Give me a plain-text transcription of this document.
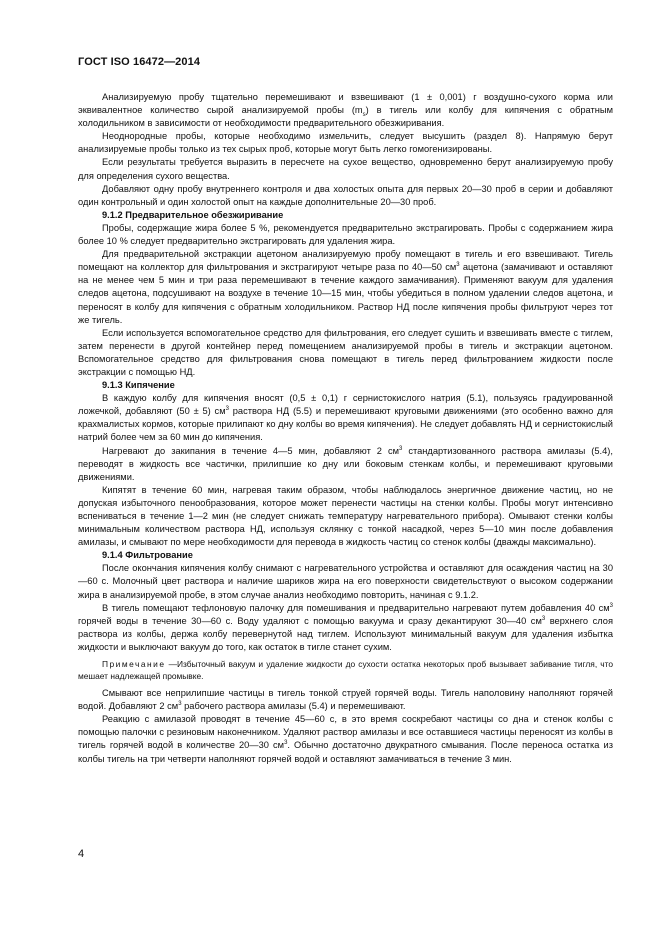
ГОСТ ISO 16472—2014

Анализируемую пробу тщательно перемешивают и взвешивают (1 ± 0,001) г воздушно-сухого корма или эквивалентное количество сырой анализируемой пробы $(m_s)$ в тигель или колбу для кипячения с обратным холодильником в зависимости от необходимости предварительного обезжиривания.

Неоднородные пробы, которые необходимо измельчить, следует высушить (раздел 8). Напрямую берут анализируемые пробы только из тех сырых проб, которые могут быть легко гомогенизированы.

Если результаты требуется выразить в пересчете на сухое вещество, одновременно берут анализируемую пробу для определения сухого вещества.

Добавляют одну пробу внутреннего контроля и два холостых опыта для первых 20—30 проб в серии и добавляют один контрольный и один холостой опыт на каждые дополнительные 20—30 проб.

9.1.2 Предварительное обезжиривание

Пробы, содержащие жира более 5 %, рекомендуется предварительно экстрагировать. Пробы с содержанием жира более 10 % следует предварительно экстрагировать для удаления жира.

Для предварительной экстракции ацетоном анализируемую пробу помещают в тигель и его взвешивают. Тигель помещают на коллектор для фильтрования и экстрагируют четыре раза по 40—50 $см^3$ ацетона (замачивают и оставляют на не менее чем 5 мин и три раза перемешивают в течение каждого замачивания). Применяют вакуум для удаления следов ацетона, подсушивают на воздухе в течение 10—15 мин, чтобы убедиться в полном удалении следов ацетона, и переносят в колбу для кипячения с обратным холодильником. Раствор НД после кипячения пробы фильтруют через тот же тигель.

Если используется вспомогательное средство для фильтрования, его следует сушить и взвешивать вместе с тиглем, затем перенести в другой контейнер перед помещением анализируемой пробы в тигель и экстракции ацетоном. Вспомогательное средство для фильтрования снова помещают в тигель перед фильтрованием жидкости после экстракции с помощью НД.

9.1.3 Кипячение

В каждую колбу для кипячения вносят (0,5 ± 0,1) г сернистокислого натрия (5.1), пользуясь градуированной ложечкой, добавляют (50 ± 5) $см^3$ раствора НД (5.5) и перемешивают круговыми движениями (это особенно важно для крахмалистых кормов, которые прилипают ко дну колбы во время кипячения). Не следует добавлять НД и сернистокислый натрий более чем за 60 мин до кипячения.

Нагревают до закипания в течение 4—5 мин, добавляют 2 $см^3$ стандартизованного раствора амилазы (5.4), переводят в жидкость все частички, прилипшие ко дну или боковым стенкам колбы, и перемешивают круговыми движениями.

Кипятят в течение 60 мин, нагревая таким образом, чтобы наблюдалось энергичное движение частиц, но не допуская избыточного пенообразования, которое может перенести частицы на стенки колбы. Пробы могут интенсивно вспениваться в течение 1—2 мин (не следует снижать температуру нагревательного прибора). Омывают стенки колбы минимальным количеством раствора НД, используя склянку с тонкой насадкой, через 5—10 мин после добавления амилазы, и смывают по мере необходимости для перевода в жидкость частиц со стенок колбы (дважды максимально).

9.1.4 Фильтрование

После окончания кипячения колбу снимают с нагревательного устройства и оставляют для осаждения частиц на 30—60 с. Молочный цвет раствора и наличие шариков жира на его поверхности свидетельствуют о высоком содержании жира в анализируемой пробе, в этом случае анализ необходимо повторить, начиная с 9.1.2.

В тигель помещают тефлоновую палочку для помешивания и предварительно нагревают путем добавления 40 $см^3$ горячей воды в течение 30—60 с. Воду удаляют с помощью вакуума и сразу декантируют 30—40 $см^3$ верхнего слоя раствора из колбы, держа колбу перевернутой над тиглем. Используют минимальный вакуум для удаления избытка жидкости и выключают вакуум до того, как остаток в тигле станет сухим.

Примечание —Избыточный вакуум и удаление жидкости до сухости остатка некоторых проб вызывает забивание тигля, что мешает надлежащей промывке.

Смывают все неприлипшие частицы в тигель тонкой струей горячей воды. Тигель наполовину наполняют горячей водой. Добавляют 2 $см^3$ рабочего раствора амилазы (5.4) и перемешивают.

Реакцию с амилазой проводят в течение 45—60 с, в это время соскребают частицы со дна и стенок колбы с помощью палочки с резиновым наконечником. Удаляют раствор амилазы и все оставшиеся частицы переносят из колбы в тигель горячей водой в количестве 20—30 $см^3$. Обычно достаточно двукратного смывания. После переноса остатка из колбы тигель на три четверти наполняют горячей водой и оставляют замачиваться в течение 3 мин.

4
